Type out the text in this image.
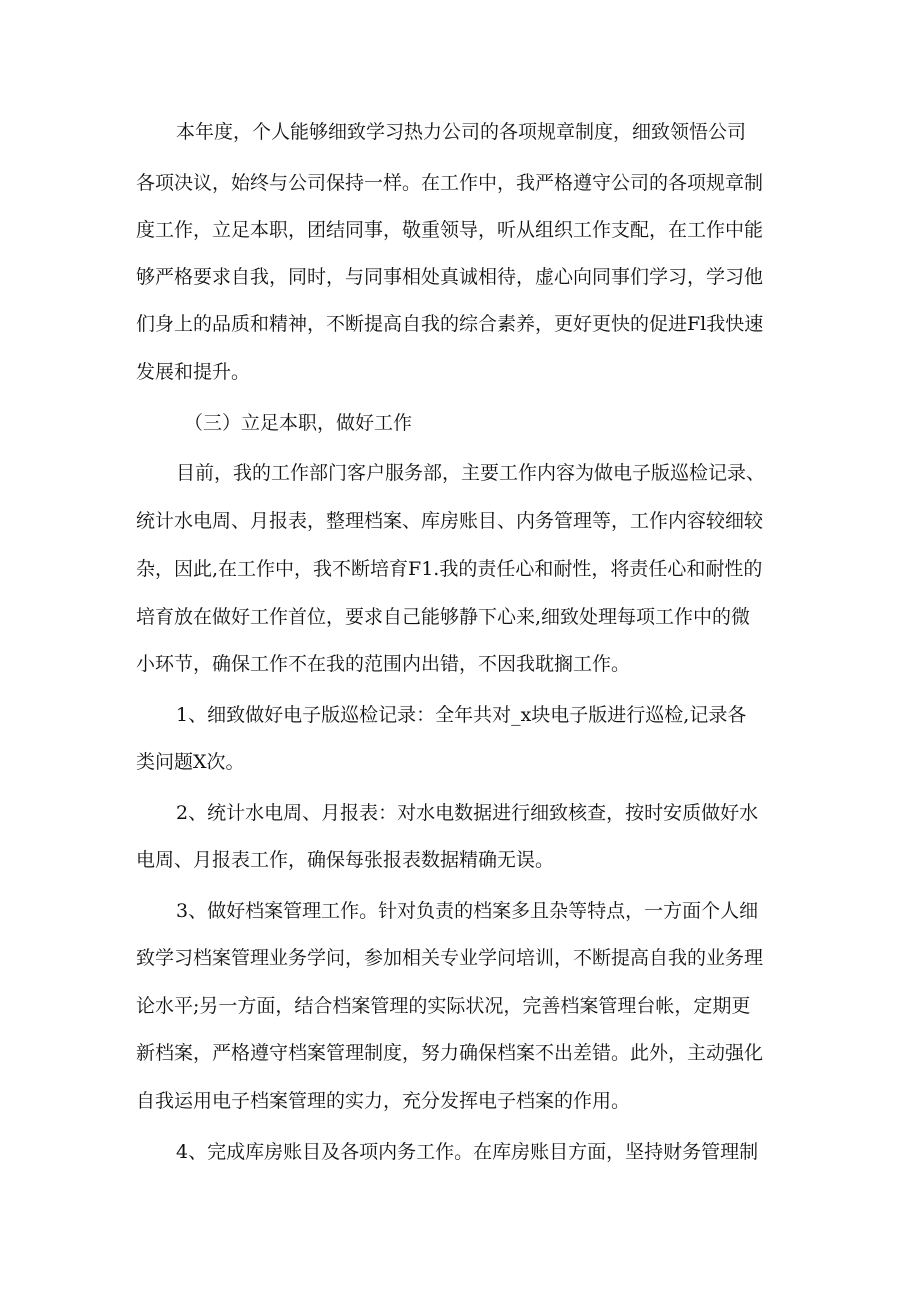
本年度，个人能够细致学习热力公司的各项规章制度，细致领悟公司
各项决议，始终与公司保持一样。在工作中，我严格遵守公司的各项规章制
度工作，立足本职，团结同事，敬重领导，听从组织工作支配，在工作中能
够严格要求自我，同时，与同事相处真诚相待，虚心向同事们学习，学习他
们身上的品质和精神，不断提高自我的综合素养，更好更快的促进Fl我快速
发展和提升。
（三）立足本职，做好工作
目前，我的工作部门客户服务部，主要工作内容为做电子版巡检记录、
统计水电周、月报表，整理档案、库房账目、内务管理等，工作内容较细较
杂，因此,在工作中，我不断培育F1.我的责任心和耐性，将责任心和耐性的
培育放在做好工作首位，要求自己能够静下心来,细致处理每项工作中的微
小环节，确保工作不在我的范围内出错，不因我耽搁工作。
1、细致做好电子版巡检记录：全年共对_x块电子版进行巡检,记录各
类问题X次。
2、统计水电周、月报表：对水电数据进行细致核查，按时安质做好水
电周、月报表工作，确保每张报表数据精确无误。
3、做好档案管理工作。针对负责的档案多且杂等特点，一方面个人细
致学习档案管理业务学问，参加相关专业学问培训，不断提高自我的业务理
论水平;另一方面，结合档案管理的实际状况，完善档案管理台帐，定期更
新档案，严格遵守档案管理制度，努力确保档案不出差错。此外，主动强化
自我运用电子档案管理的实力，充分发挥电子档案的作用。
4、完成库房账目及各项内务工作。在库房账目方面，坚持财务管理制
